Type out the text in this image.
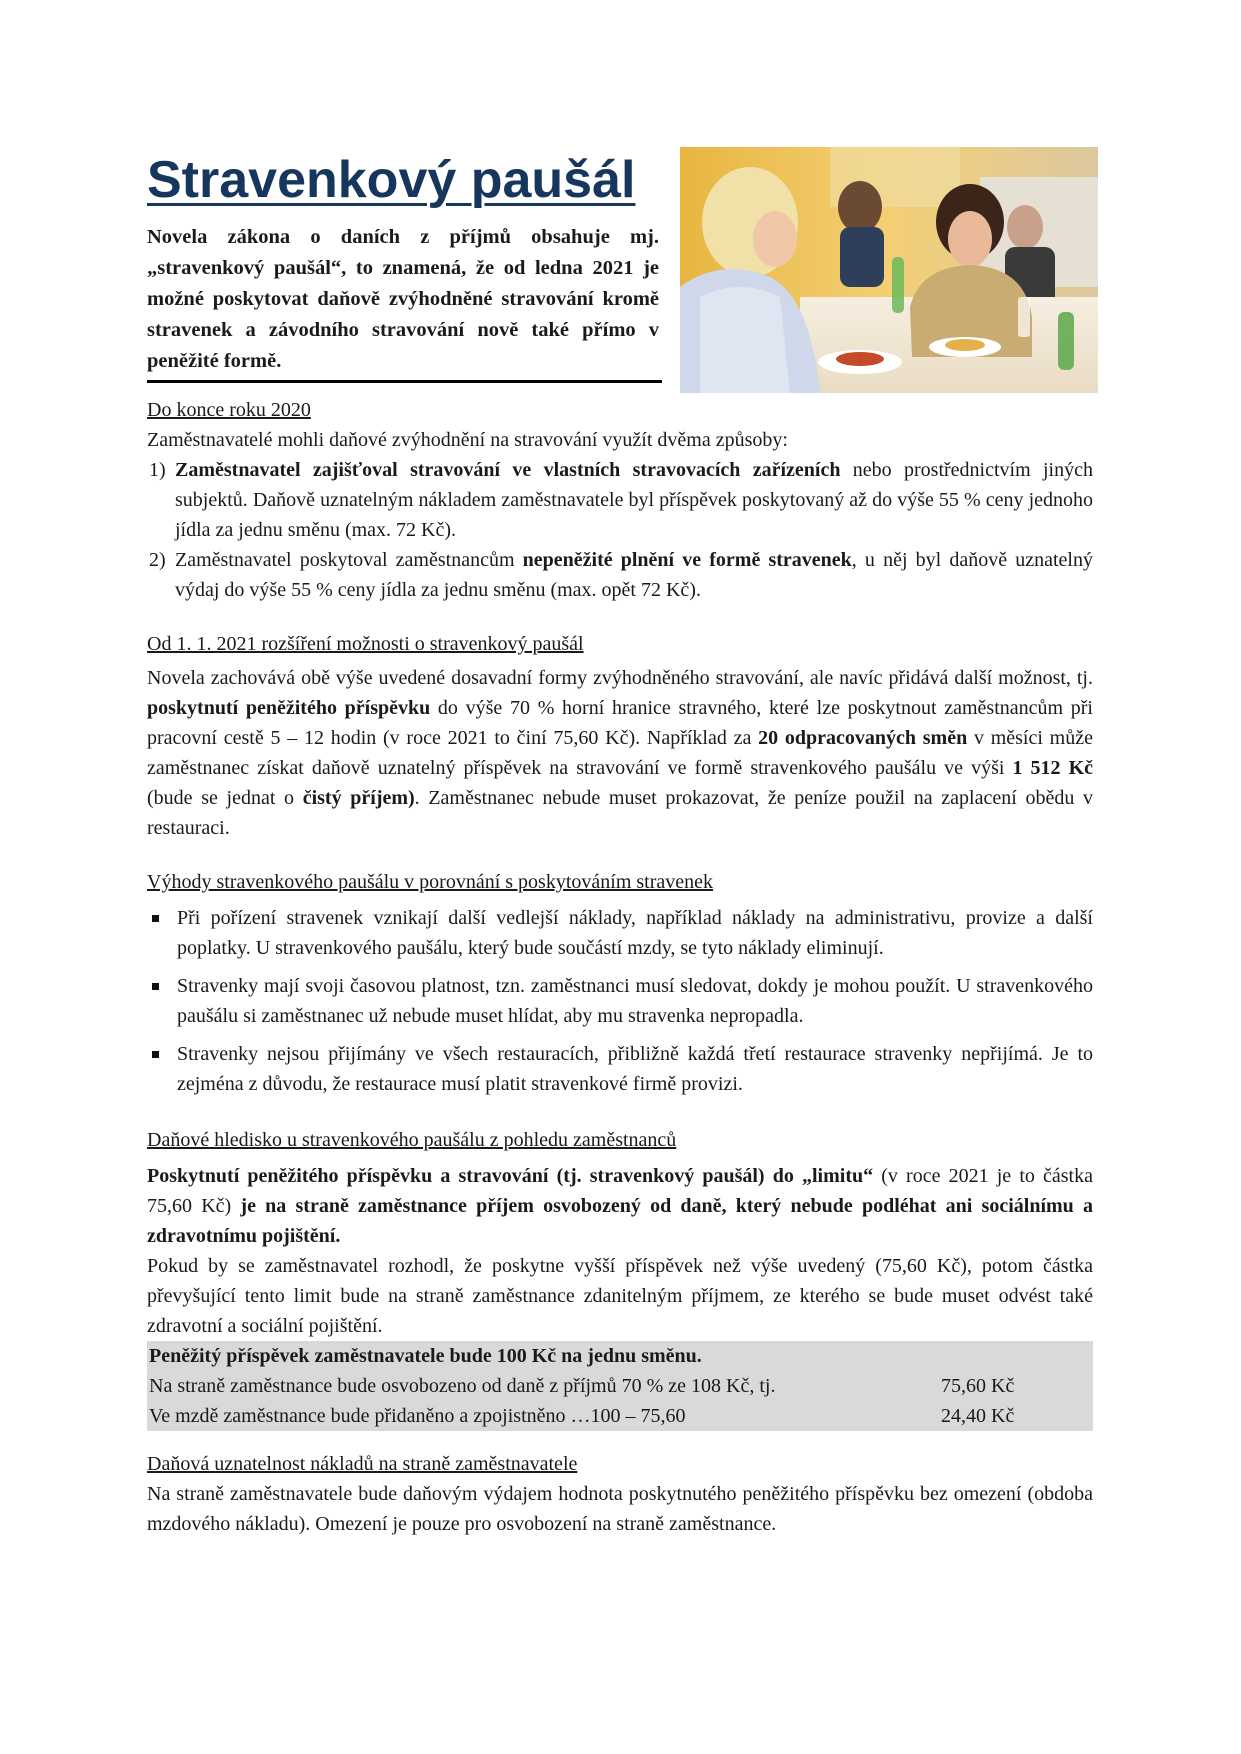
Stravenkový paušál

Novela zákona o daních z příjmů obsahuje mj. „stravenkový paušál“, to znamená, že od ledna 2021 je možné poskytovat daňově zvýhodněné stravování kromě stravenek a závodního stravování nově také přímo v peněžité formě.

Do konce roku 2020

Zaměstnavatelé mohli daňové zvýhodnění na stravování využít dvěma způsoby:

1) Zaměstnavatel zajišťoval stravování ve vlastních stravovacích zařízeních nebo prostřednictvím jiných subjektů. Daňově uznatelným nákladem zaměstnavatele byl příspěvek poskytovaný až do výše 55 % ceny jednoho jídla za jednu směnu (max. 72 Kč).
2) Zaměstnavatel poskytoval zaměstnancům nepeněžité plnění ve formě stravenek, u něj byl daňově uznatelný výdaj do výše 55 % ceny jídla za jednu směnu (max. opět 72 Kč).

Od 1. 1. 2021 rozšíření možnosti o stravenkový paušál

Novela zachovává obě výše uvedené dosavadní formy zvýhodněného stravování, ale navíc přidává další možnost, tj. poskytnutí peněžitého příspěvku do výše 70 % horní hranice stravného, které lze poskytnout zaměstnancům při pracovní cestě 5 – 12 hodin (v roce 2021 to činí 75,60 Kč). Například za 20 odpracovaných směn v měsíci může zaměstnanec získat daňově uznatelný příspěvek na stravování ve formě stravenkového paušálu ve výši 1 512 Kč (bude se jednat o čistý příjem). Zaměstnanec nebude muset prokazovat, že peníze použil na zaplacení obědu v restauraci.

Výhody stravenkového paušálu v porovnání s poskytováním stravenek

Při pořízení stravenek vznikají další vedlejší náklady, například náklady na administrativu, provize a další poplatky. U stravenkového paušálu, který bude součástí mzdy, se tyto náklady eliminují.
Stravenky mají svoji časovou platnost, tzn. zaměstnanci musí sledovat, dokdy je mohou použít. U stravenkového paušálu si zaměstnanec už nebude muset hlídat, aby mu stravenka nepropadla.
Stravenky nejsou přijímány ve všech restauracích, přibližně každá třetí restaurace stravenky nepřijímá. Je to zejména z důvodu, že restaurace musí platit stravenkové firmě provizi.

Daňové hledisko u stravenkového paušálu z pohledu zaměstnanců

Poskytnutí peněžitého příspěvku a stravování (tj. stravenkový paušál) do „limitu“ (v roce 2021 je to částka 75,60 Kč) je na straně zaměstnance příjem osvobozený od daně, který nebude podléhat ani sociálnímu a zdravotnímu pojištění.

Pokud by se zaměstnavatel rozhodl, že poskytne vyšší příspěvek než výše uvedený (75,60 Kč), potom částka převyšující tento limit bude na straně zaměstnance zdanitelným příjmem, ze kterého se bude muset odvést také zdravotní a sociální pojištění.

Peněžitý příspěvek zaměstnavatele bude 100 Kč na jednu směnu.	
Na straně zaměstnance bude osvobozeno od daně z příjmů 70 % ze 108 Kč, tj.	75,60 Kč
Ve mzdě zaměstnance bude přidaněno a zpojistněno …100 – 75,60	24,40 Kč

Daňová uznatelnost nákladů na straně zaměstnavatele

Na straně zaměstnavatele bude daňovým výdajem hodnota poskytnutého peněžitého příspěvku bez omezení (obdoba mzdového nákladu). Omezení je pouze pro osvobození na straně zaměstnance.
